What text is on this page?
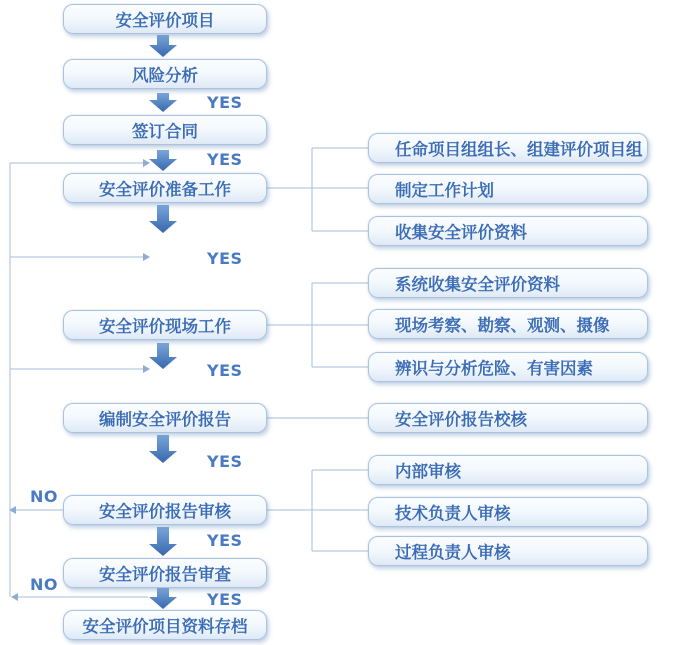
安全评价项目
风险分析
签订合同
安全评价准备工作
安全评价现场工作
编制安全评价报告
安全评价报告审核
安全评价报告审查
安全评价项目资料存档
任命项目组组长、组建评价项目组
制定工作计划
收集安全评价资料
系统收集安全评价资料
现场考察、勘察、观测、摄像
辨识与分析危险、有害因素
安全评价报告校核
内部审核
技术负责人审核
过程负责人审核
YES
YES
YES
YES
YES
YES
YES
NO
NO
